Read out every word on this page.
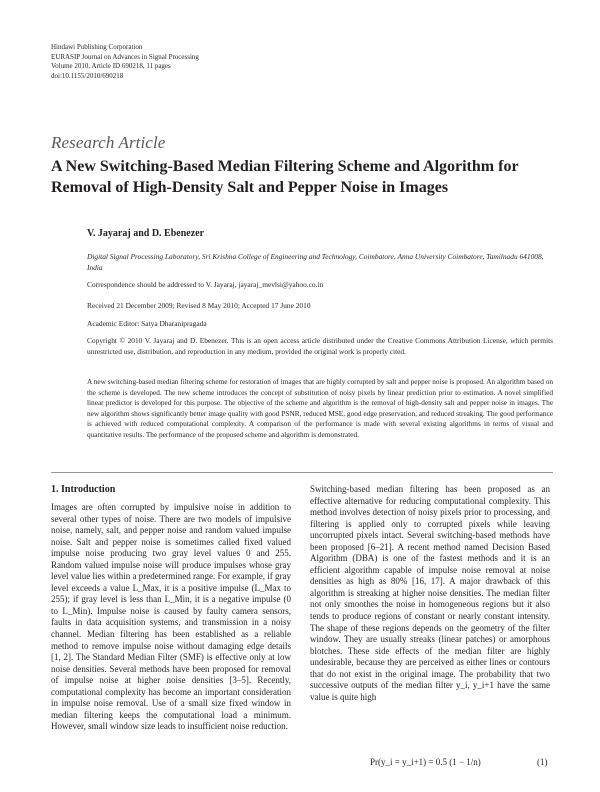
Hindawi Publishing Corporation
EURASIP Journal on Advances in Signal Processing
Volume 2010, Article ID 690218, 11 pages
doi:10.1155/2010/690218
Research Article
A New Switching-Based Median Filtering Scheme and Algorithm for Removal of High-Density Salt and Pepper Noise in Images
V. Jayaraj and D. Ebenezer
Digital Signal Processing Laboratory, Sri Krishna College of Engineering and Technology, Coimbatore, Anna University Coimbatore, Tamilnadu 641008, India
Correspondence should be addressed to V. Jayaraj, jayaraj_mevlsi@yahoo.co.in
Received 21 December 2009; Revised 8 May 2010; Accepted 17 June 2010
Academic Editor: Satya Dharanipragada
Copyright © 2010 V. Jayaraj and D. Ebenezer. This is an open access article distributed under the Creative Commons Attribution License, which permits unrestricted use, distribution, and reproduction in any medium, provided the original work is properly cited.
A new switching-based median filtering scheme for restoration of images that are highly corrupted by salt and pepper noise is proposed. An algorithm based on the scheme is developed. The new scheme introduces the concept of substitution of noisy pixels by linear prediction prior to estimation. A novel simplified linear predictor is developed for this purpose. The objective of the scheme and algorithm is the removal of high-density salt and pepper noise in images. The new algorithm shows significantly better image quality with good PSNR, reduced MSE, good edge preservation, and reduced streaking. The good performance is achieved with reduced computational complexity. A comparison of the performance is made with several existing algorithms in terms of visual and quantitative results. The performance of the proposed scheme and algorithm is demonstrated.
1. Introduction

Images are often corrupted by impulsive noise in addition to several other types of noise. There are two models of impulsive noise, namely, salt, and pepper noise and random valued impulse noise. Salt and pepper noise is sometimes called fixed valued impulse noise producing two gray level values 0 and 255. Random valued impulse noise will produce impulses whose gray level value lies within a predetermined range. For example, if gray level exceeds a value L_Max, it is a positive impulse (L_Max to 255); if gray level is less than L_Min, it is a negative impulse (0 to L_Min). Impulse noise is caused by faulty camera sensors, faults in data acquisition systems, and transmission in a noisy channel. Median filtering has been established as a reliable method to remove impulse noise without damaging edge details [1, 2]. The Standard Median Filter (SMF) is effective only at low noise densities. Several methods have been proposed for removal of impulse noise at higher noise densities [3–5]. Recently, computational complexity has become an important consideration in impulse noise removal. Use of a small size fixed window in median filtering keeps the computational load a minimum. However, small window size leads to insufficient noise reduction.

Switching-based median filtering has been proposed as an effective alternative for reducing computational complexity. This method involves detection of noisy pixels prior to processing, and filtering is applied only to corrupted pixels while leaving uncorrupted pixels intact. Several switching-based methods have been proposed [6–21]. A recent method named Decision Based Algorithm (DBA) is one of the fastest methods and it is an efficient algorithm capable of impulse noise removal at noise densities as high as 80% [16, 17]. A major drawback of this algorithm is streaking at higher noise densities. The median filter not only smoothes the noise in homogeneous regions but it also tends to produce regions of constant or nearly constant intensity. The shape of these regions depends on the geometry of the filter window. They are usually streaks (linear patches) or amorphous blotches. These side effects of the median filter are highly undesirable, because they are perceived as either lines or contours that do not exist in the original image. The probability that two successive outputs of the median filter y_i, y_i+1 have the same value is quite high

Pr(y_i = y_i+1) = 0.5 (1 − 1/n)	(1)
